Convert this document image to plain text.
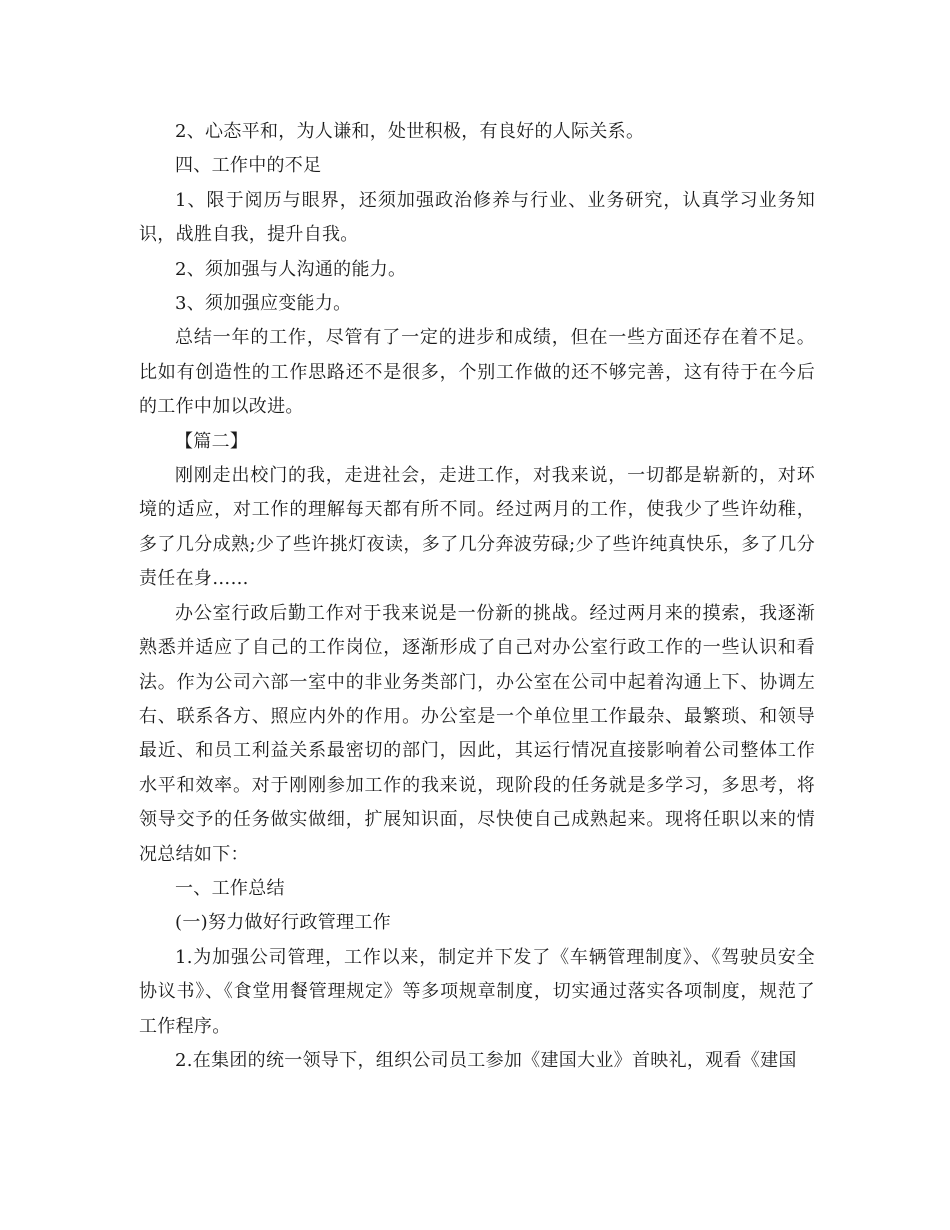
2、心态平和，为人谦和，处世积极，有良好的人际关系。

四、工作中的不足

1、限于阅历与眼界，还须加强政治修养与行业、业务研究，认真学习业务知识，战胜自我，提升自我。

2、须加强与人沟通的能力。

3、须加强应变能力。

总结一年的工作，尽管有了一定的进步和成绩，但在一些方面还存在着不足。比如有创造性的工作思路还不是很多，个别工作做的还不够完善，这有待于在今后的工作中加以改进。

【篇二】

刚刚走出校门的我，走进社会，走进工作，对我来说，一切都是崭新的，对环境的适应，对工作的理解每天都有所不同。经过两月的工作，使我少了些许幼稚，多了几分成熟;少了些许挑灯夜读，多了几分奔波劳碌;少了些许纯真快乐，多了几分责任在身……

办公室行政后勤工作对于我来说是一份新的挑战。经过两月来的摸索，我逐渐熟悉并适应了自己的工作岗位，逐渐形成了自己对办公室行政工作的一些认识和看法。作为公司六部一室中的非业务类部门，办公室在公司中起着沟通上下、协调左右、联系各方、照应内外的作用。办公室是一个单位里工作最杂、最繁琐、和领导最近、和员工利益关系最密切的部门，因此，其运行情况直接影响着公司整体工作水平和效率。对于刚刚参加工作的我来说，现阶段的任务就是多学习，多思考，将领导交予的任务做实做细，扩展知识面，尽快使自己成熟起来。现将任职以来的情况总结如下：

一、工作总结

(一)努力做好行政管理工作

1.为加强公司管理，工作以来，制定并下发了《车辆管理制度》、《驾驶员安全协议书》、《食堂用餐管理规定》等多项规章制度，切实通过落实各项制度，规范了工作程序。

2.在集团的统一领导下，组织公司员工参加《建国大业》首映礼，观看《建国
